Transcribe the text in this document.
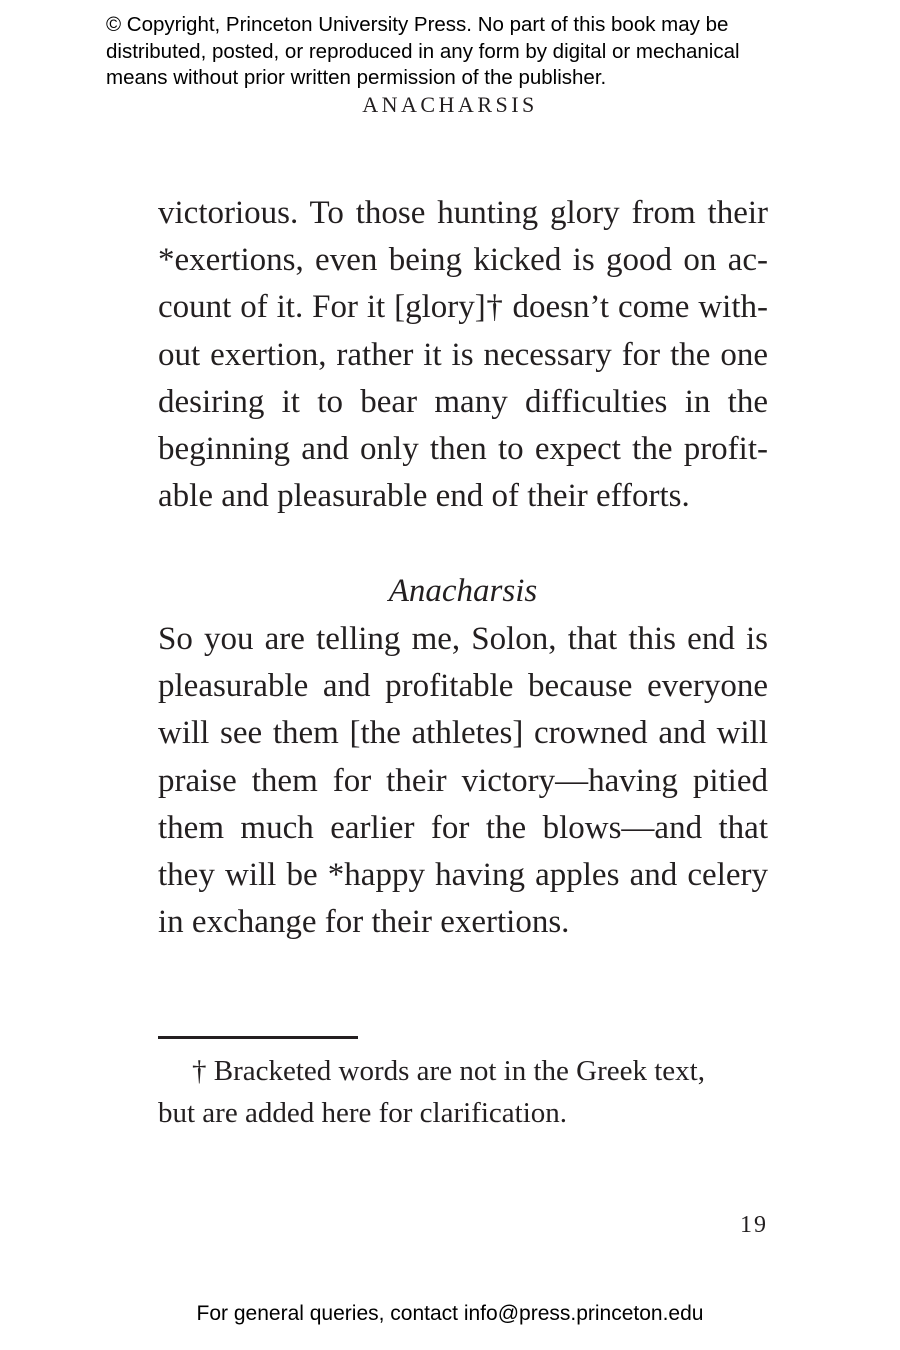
© Copyright, Princeton University Press. No part of this book may be
distributed, posted, or reproduced in any form by digital or mechanical
means without prior written permission of the publisher.
ANACHARSIS
victorious. To those hunting glory from their
*exertions, even being kicked is good on ac-
count of it. For it [glory]† doesn’t come with-
out exertion, rather it is necessary for the one
desiring it to bear many difficulties in the
beginning and only then to expect the profit-
able and pleasurable end of their efforts.
Anacharsis
So you are telling me, Solon, that this end is
pleasurable and profitable because everyone
will see them [the athletes] crowned and will
praise them for their victory—having pitied
them much earlier for the blows—and that
they will be *happy having apples and celery
in exchange for their exertions.
† Bracketed words are not in the Greek text,
but are added here for clarification.
19
For general queries, contact info@press.princeton.edu
